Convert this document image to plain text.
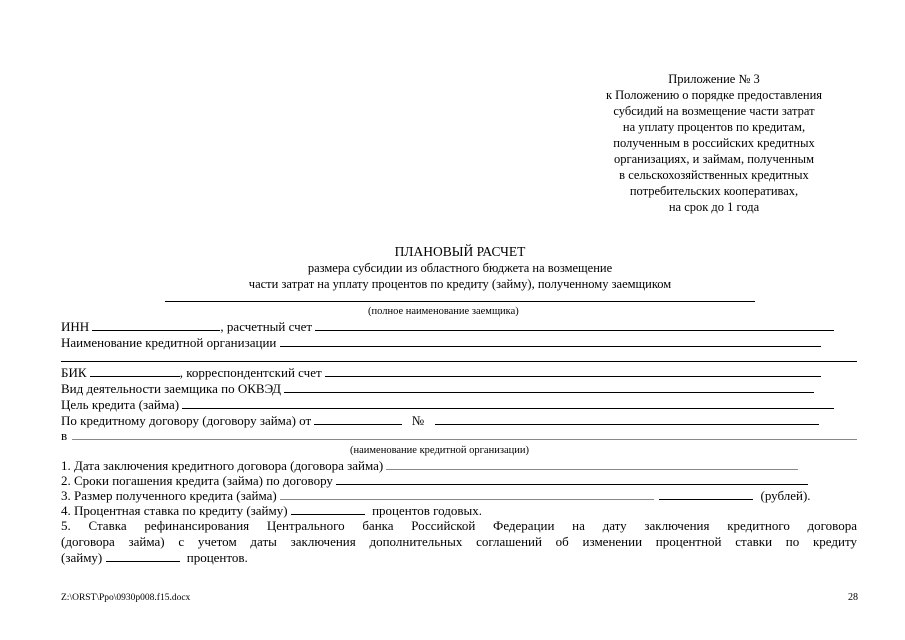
Приложение № 3
к Положению о порядке предоставления
субсидий на возмещение части затрат
на уплату процентов по кредитам,
полученным в российских кредитных
организациях, и займам, полученным
в сельскохозяйственных кредитных
потребительских кооперативах,
на срок до 1 года
ПЛАНОВЫЙ РАСЧЕТ
размера субсидии из областного бюджета на возмещение
части затрат на уплату процентов по кредиту (займу), полученному заемщиком
(полное наименование заемщика)
ИНН	, расчетный счет
Наименование кредитной организации
БИК	, корреспондентский счет
Вид деятельности заемщика по ОКВЭД
Цель кредита (займа)
По кредитному договору (договору займа) от	№
в
(наименование кредитной организации)
1. Дата заключения кредитного договора (договора займа)
2. Сроки погашения кредита (займа) по договору
3. Размер полученного кредита (займа)	(рублей).
4. Процентная ставка по кредиту (займу)	процентов годовых.
5. Ставка рефинансирования Центрального банка Российской Федерации на дату заключения кредитного договора
(договора займа) с учетом даты заключения дополнительных соглашений об изменении процентной ставки по кредиту
(займу)	процентов.
Z:\ORST\Ppo\0930p008.f15.docx	28
